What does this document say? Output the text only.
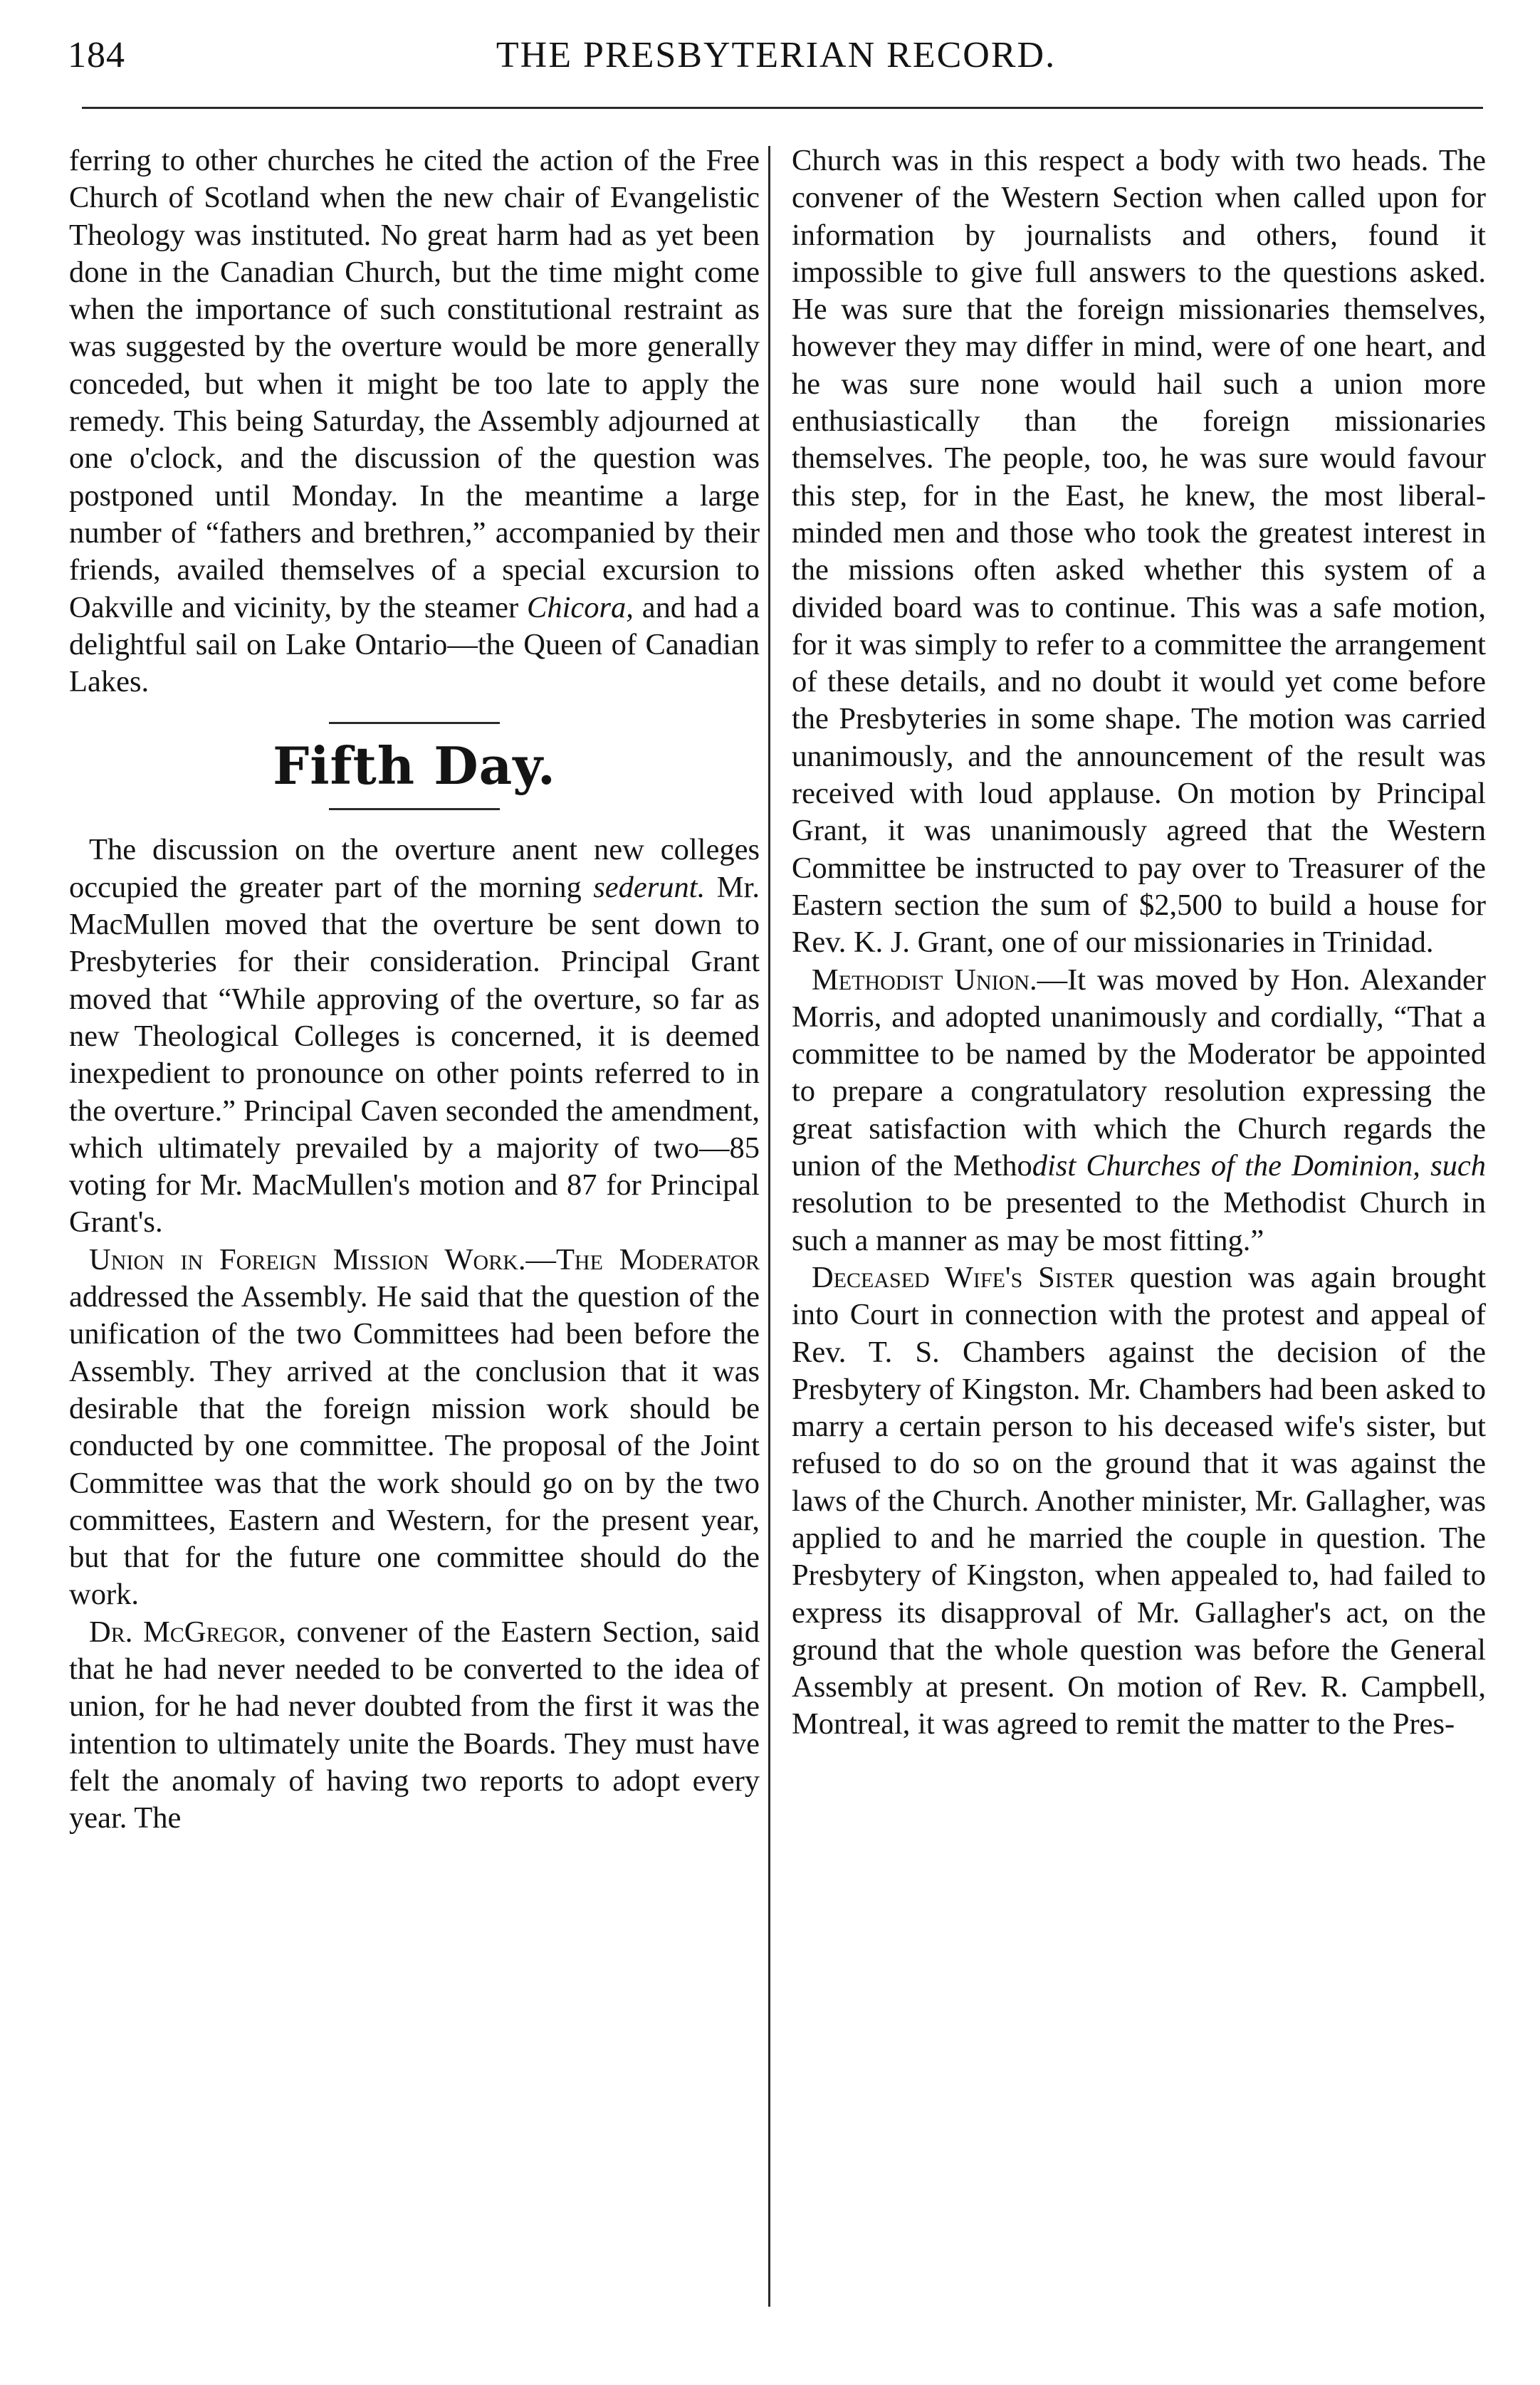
184	THE PRESBYTERIAN RECORD.

ferring to other churches he cited the action of the Free Church of Scotland when the new chair of Evangelistic Theology was instituted. No great harm had as yet been done in the Canadian Church, but the time might come when the importance of such constitutional restraint as was suggested by the overture would be more generally conceded, but when it might be too late to apply the remedy. This being Saturday, the Assembly adjourned at one o'clock, and the discussion of the question was postponed until Monday. In the meantime a large number of “fathers and brethren,” accompanied by their friends, availed themselves of a special excursion to Oakville and vicinity, by the steamer Chicora, and had a delightful sail on Lake Ontario—the Queen of Canadian Lakes.

Fifth Day.

The discussion on the overture anent new colleges occupied the greater part of the morning sederunt. Mr. MacMullen moved that the overture be sent down to Presbyteries for their consideration. Principal Grant moved that “While approving of the overture, so far as new Theological Colleges is concerned, it is deemed inexpedient to pronounce on other points referred to in the overture.” Principal Caven seconded the amendment, which ultimately prevailed by a majority of two—85 voting for Mr. MacMullen's motion and 87 for Principal Grant's.

Union in Foreign Mission Work.—The Moderator addressed the Assembly. He said that the question of the unification of the two Committees had been before the Assembly. They arrived at the conclusion that it was desirable that the foreign mission work should be conducted by one committee. The proposal of the Joint Committee was that the work should go on by the two committees, Eastern and Western, for the present year, but that for the future one committee should do the work.

Dr. McGregor, convener of the Eastern Section, said that he had never needed to be converted to the idea of union, for he had never doubted from the first it was the intention to ultimately unite the Boards. They must have felt the anomaly of having two reports to adopt every year. The

Church was in this respect a body with two heads. The convener of the Western Section when called upon for information by journalists and others, found it impossible to give full answers to the questions asked. He was sure that the foreign missionaries themselves, however they may differ in mind, were of one heart, and he was sure none would hail such a union more enthusiastically than the foreign missionaries themselves. The people, too, he was sure would favour this step, for in the East, he knew, the most liberal-minded men and those who took the greatest interest in the missions often asked whether this system of a divided board was to continue. This was a safe motion, for it was simply to refer to a committee the arrangement of these details, and no doubt it would yet come before the Presbyteries in some shape. The motion was carried unanimously, and the announcement of the result was received with loud applause. On motion by Principal Grant, it was unanimously agreed that the Western Committee be instructed to pay over to Treasurer of the Eastern section the sum of $2,500 to build a house for Rev. K. J. Grant, one of our missionaries in Trinidad.

Methodist Union.—It was moved by Hon. Alexander Morris, and adopted unanimously and cordially, “That a committee to be named by the Moderator be appointed to prepare a congratulatory resolution expressing the great satisfaction with which the Church regards the union of the Methodist Churches of the Dominion, such resolution to be presented to the Methodist Church in such a manner as may be most fitting.”

Deceased Wife's Sister question was again brought into Court in connection with the protest and appeal of Rev. T. S. Chambers against the decision of the Presbytery of Kingston. Mr. Chambers had been asked to marry a certain person to his deceased wife's sister, but refused to do so on the ground that it was against the laws of the Church. Another minister, Mr. Gallagher, was applied to and he married the couple in question. The Presbytery of Kingston, when appealed to, had failed to express its disapproval of Mr. Gallagher's act, on the ground that the whole question was before the General Assembly at present. On motion of Rev. R. Campbell, Montreal, it was agreed to remit the matter to the Pres-
